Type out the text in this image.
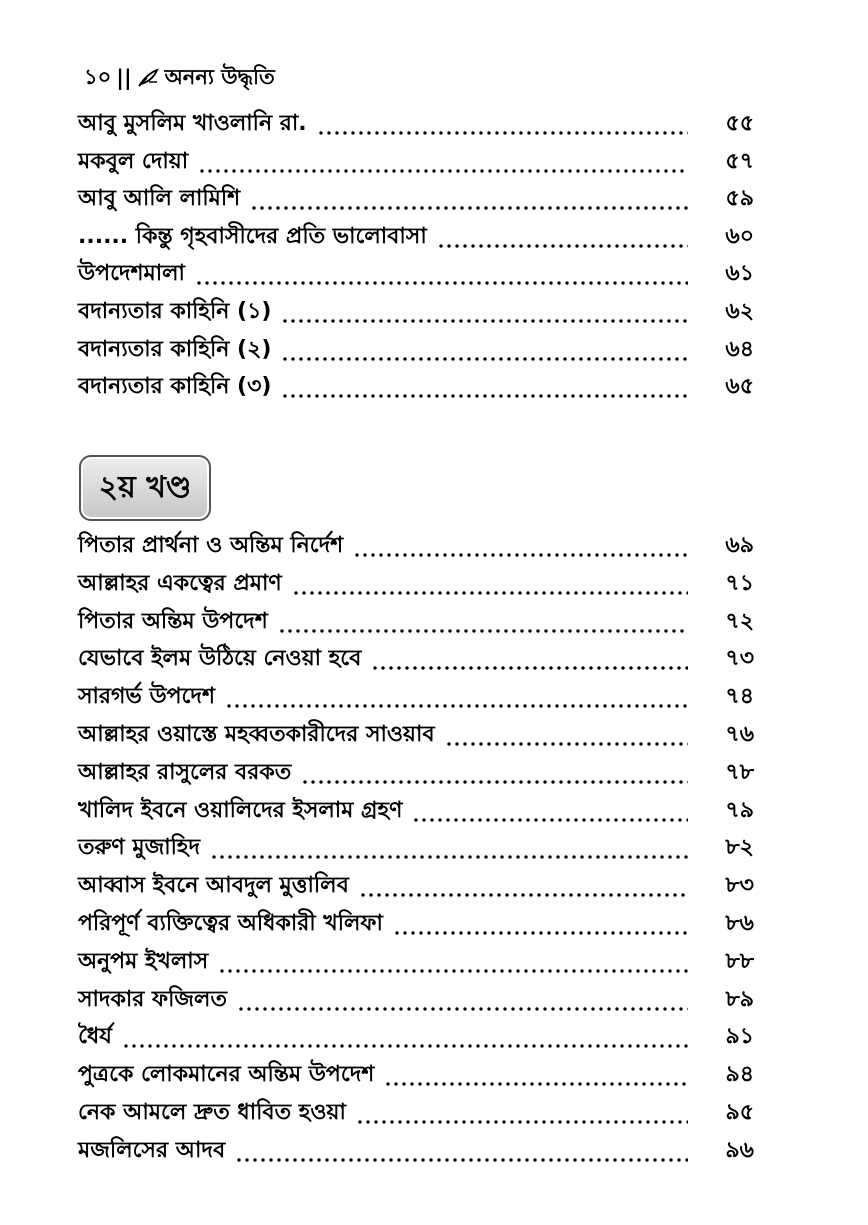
১০ || অনন্য উদ্ধৃতি
আবু মুসলিম খাওলানি রা.	৫৫
মকবুল দোয়া	৫৭
আবু আলি লামিশি	৫৯
...... কিন্তু গৃহবাসীদের প্রতি ভালোবাসা	৬০
উপদেশমালা	৬১
বদান্যতার কাহিনি (১)	৬২
বদান্যতার কাহিনি (২)	৬৪
বদান্যতার কাহিনি (৩)	৬৫
২য় খণ্ড
পিতার প্রার্থনা ও অন্তিম নির্দেশ	৬৯
আল্লাহর একত্বের প্রমাণ	৭১
পিতার অন্তিম উপদেশ	৭২
যেভাবে ইলম উঠিয়ে নেওয়া হবে	৭৩
সারগর্ভ উপদেশ	৭৪
আল্লাহর ওয়াস্তে মহব্বতকারীদের সাওয়াব	৭৬
আল্লাহর রাসুলের বরকত	৭৮
খালিদ ইবনে ওয়ালিদের ইসলাম গ্রহণ	৭৯
তরুণ মুজাহিদ	৮২
আব্বাস ইবনে আবদুল মুত্তালিব	৮৩
পরিপূর্ণ ব্যক্তিত্বের অধিকারী খলিফা	৮৬
অনুপম ইখলাস	৮৮
সাদকার ফজিলত	৮৯
ধৈর্য	৯১
পুত্রকে লোকমানের অন্তিম উপদেশ	৯৪
নেক আমলে দ্রুত ধাবিত হওয়া	৯৫
মজলিসের আদব	৯৬
